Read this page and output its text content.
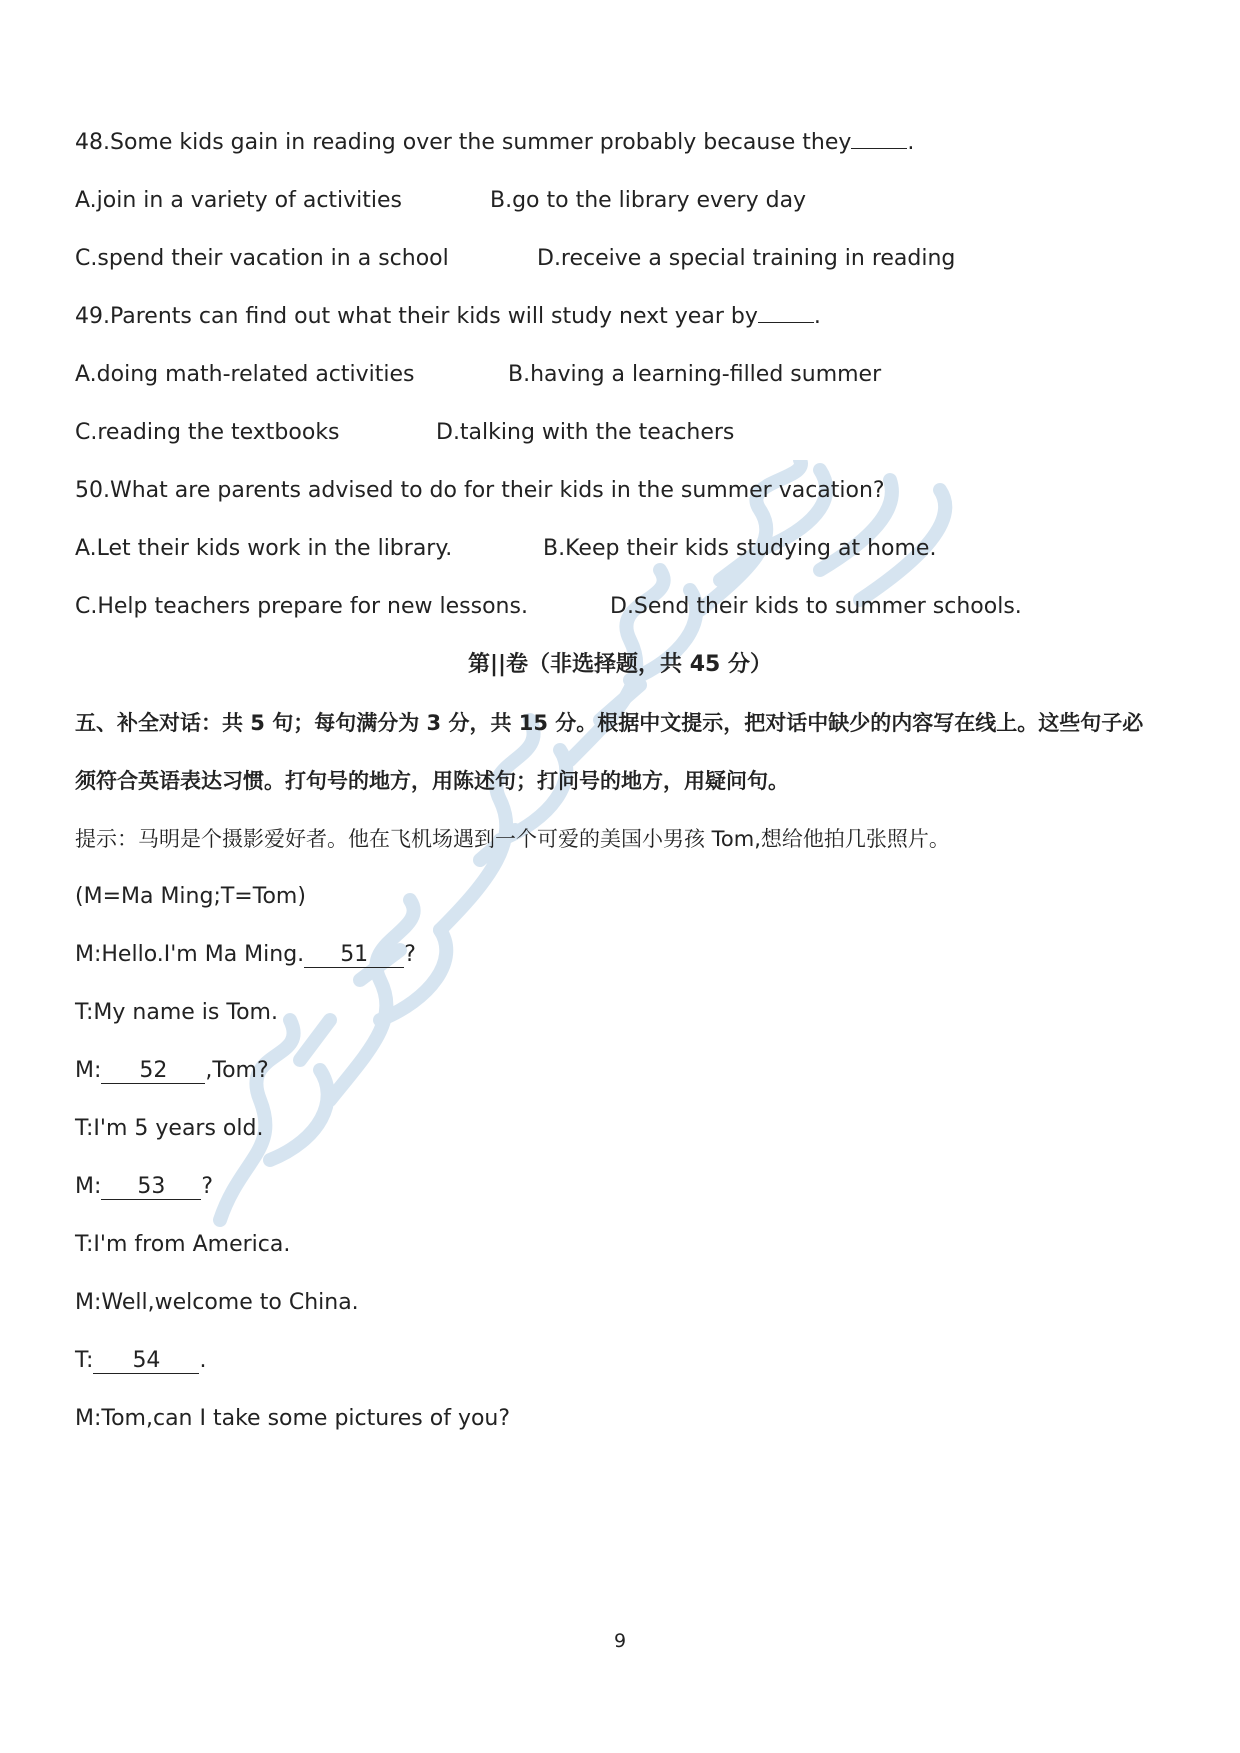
48.Some kids gain in reading over the summer probably because they	.
A.join in a variety of activities	B.go to the library every day
C.spend their vacation in a school	D.receive a special training in reading
49.Parents can find out what their kids will study next year by	.
A.doing math-related activities	B.having a learning-filled summer
C.reading the textbooks	D.talking with the teachers
50.What are parents advised to do for their kids in the summer vacation?
A.Let their kids work in the library.	B.Keep their kids studying at home.
C.Help teachers prepare for new lessons.	D.Send their kids to summer schools.
第||卷（非选择题，共 45 分）
五、补全对话：共 5 句；每句满分为 3 分，共 15 分。根据中文提示，把对话中缺少的内容写在线上。这些句子必
须符合英语表达习惯。打句号的地方，用陈述句；打问号的地方，用疑问句。
提示：马明是个摄影爱好者。他在飞机场遇到一个可爱的美国小男孩 Tom,想给他拍几张照片。
(M=Ma Ming;T=Tom)
M:Hello.I'm Ma Ming. 51 ?
T:My name is Tom.
M: 52 ,Tom?
T:I'm 5 years old.
M: 53 ?
T:I'm from America.
M:Well,welcome to China.
T: 54 .
M:Tom,can I take some pictures of you?
9
